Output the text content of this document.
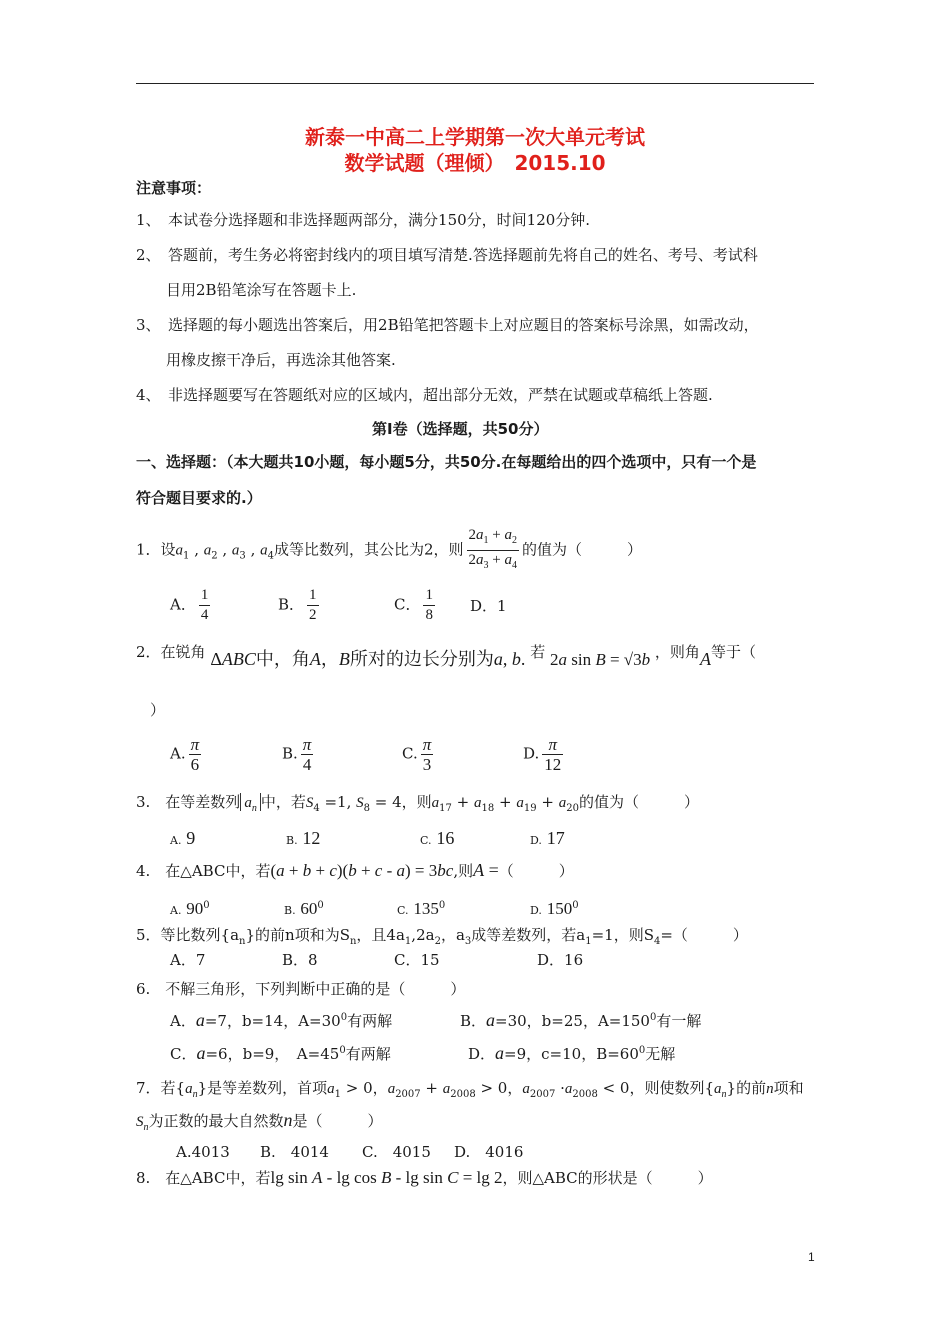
新泰一中高二上学期第一次大单元考试
数学试题（理倾）　2015.10
注意事项：
1、　本试卷分选择题和非选择题两部分，满分150分，时间120分钟.
2、　答题前，考生务必将密封线内的项目填写清楚.答选择题前先将自己的姓名、考号、考试科
目用2B铅笔涂写在答题卡上.
3、　选择题的每小题选出答案后，用2B铅笔把答题卡上对应题目的答案标号涂黑，如需改动，
用橡皮擦干净后，再选涂其他答案.
4、　非选择题要写在答题纸对应的区域内，超出部分无效，严禁在试题或草稿纸上答题.
第Ⅰ卷（选择题，共50分）
一、选择题：（本大题共10小题，每小题5分，共50分.在每题给出的四个选项中，只有一个是
符合题目要求的.）
1．设$a_1$ , $a_2$ , $a_3$ , $a_4$成等比数列，其公比为2，则 $\frac{2a_1 + a_2}{2a_3 + a_4}$ 的值为（　　　）
A． $\frac{1}{4}$	B． $\frac{1}{2}$	C． $\frac{1}{8}$ D．1
2．在锐角 ΔABC中，角A，B所对的边长分别为a, b. 若 2a sin B = √3b ，则角A等于（
）
A. $\frac{\pi}{6}$	B. $\frac{\pi}{4}$	C. $\frac{\pi}{3}$	D. $\frac{\pi}{12}$
3.　在等差数列 $a_n$ 中，若$S_4 =1$, $S_8 = 4$，则$a_{17} + a_{18} + a_{19} + a_{20}$的值为（　　　）
A. 9	B. 12	C. 16	D. 17
4.　在△ABC中，若(a + b + c)(b + c - a) = 3bc,则A =（　　　）
A. $90^0$	B. $60^0$	C. $135^0$	D. $150^0$
5．等比数列$\{a_n\}$的前n项和为$S_n$，且$4a_1,2a_2$，$a_3$成等差数列，若$a_1=1$，则$S_4=$（　　　）
A．7	B．8	C．15	D．16
6.　不解三角形，下列判断中正确的是（　　　）
A．a=7，b=14，$A=30^0$有两解	B．a=30，b=25，$A=150^0$有一解
C．a=6，b=9，　$A=45^0$有两解	D．a=9，c=10，$B=60^0$无解
7．若$\{a_n\}$是等差数列，首项$a_1 > 0$，$a_{2007} + a_{2008} > 0$，$a_{2007} \cdot a_{2008} < 0$，则使数列$\{a_n\}$的前n项和
$S_n$为正数的最大自然数n是（　　　）
A.4013 B.　4014 C.　4015 D.　4016
8.　在△ABC中，若lg sin A - lg cos B - lg sin C = lg 2，则△ABC的形状是（　　　）
1
